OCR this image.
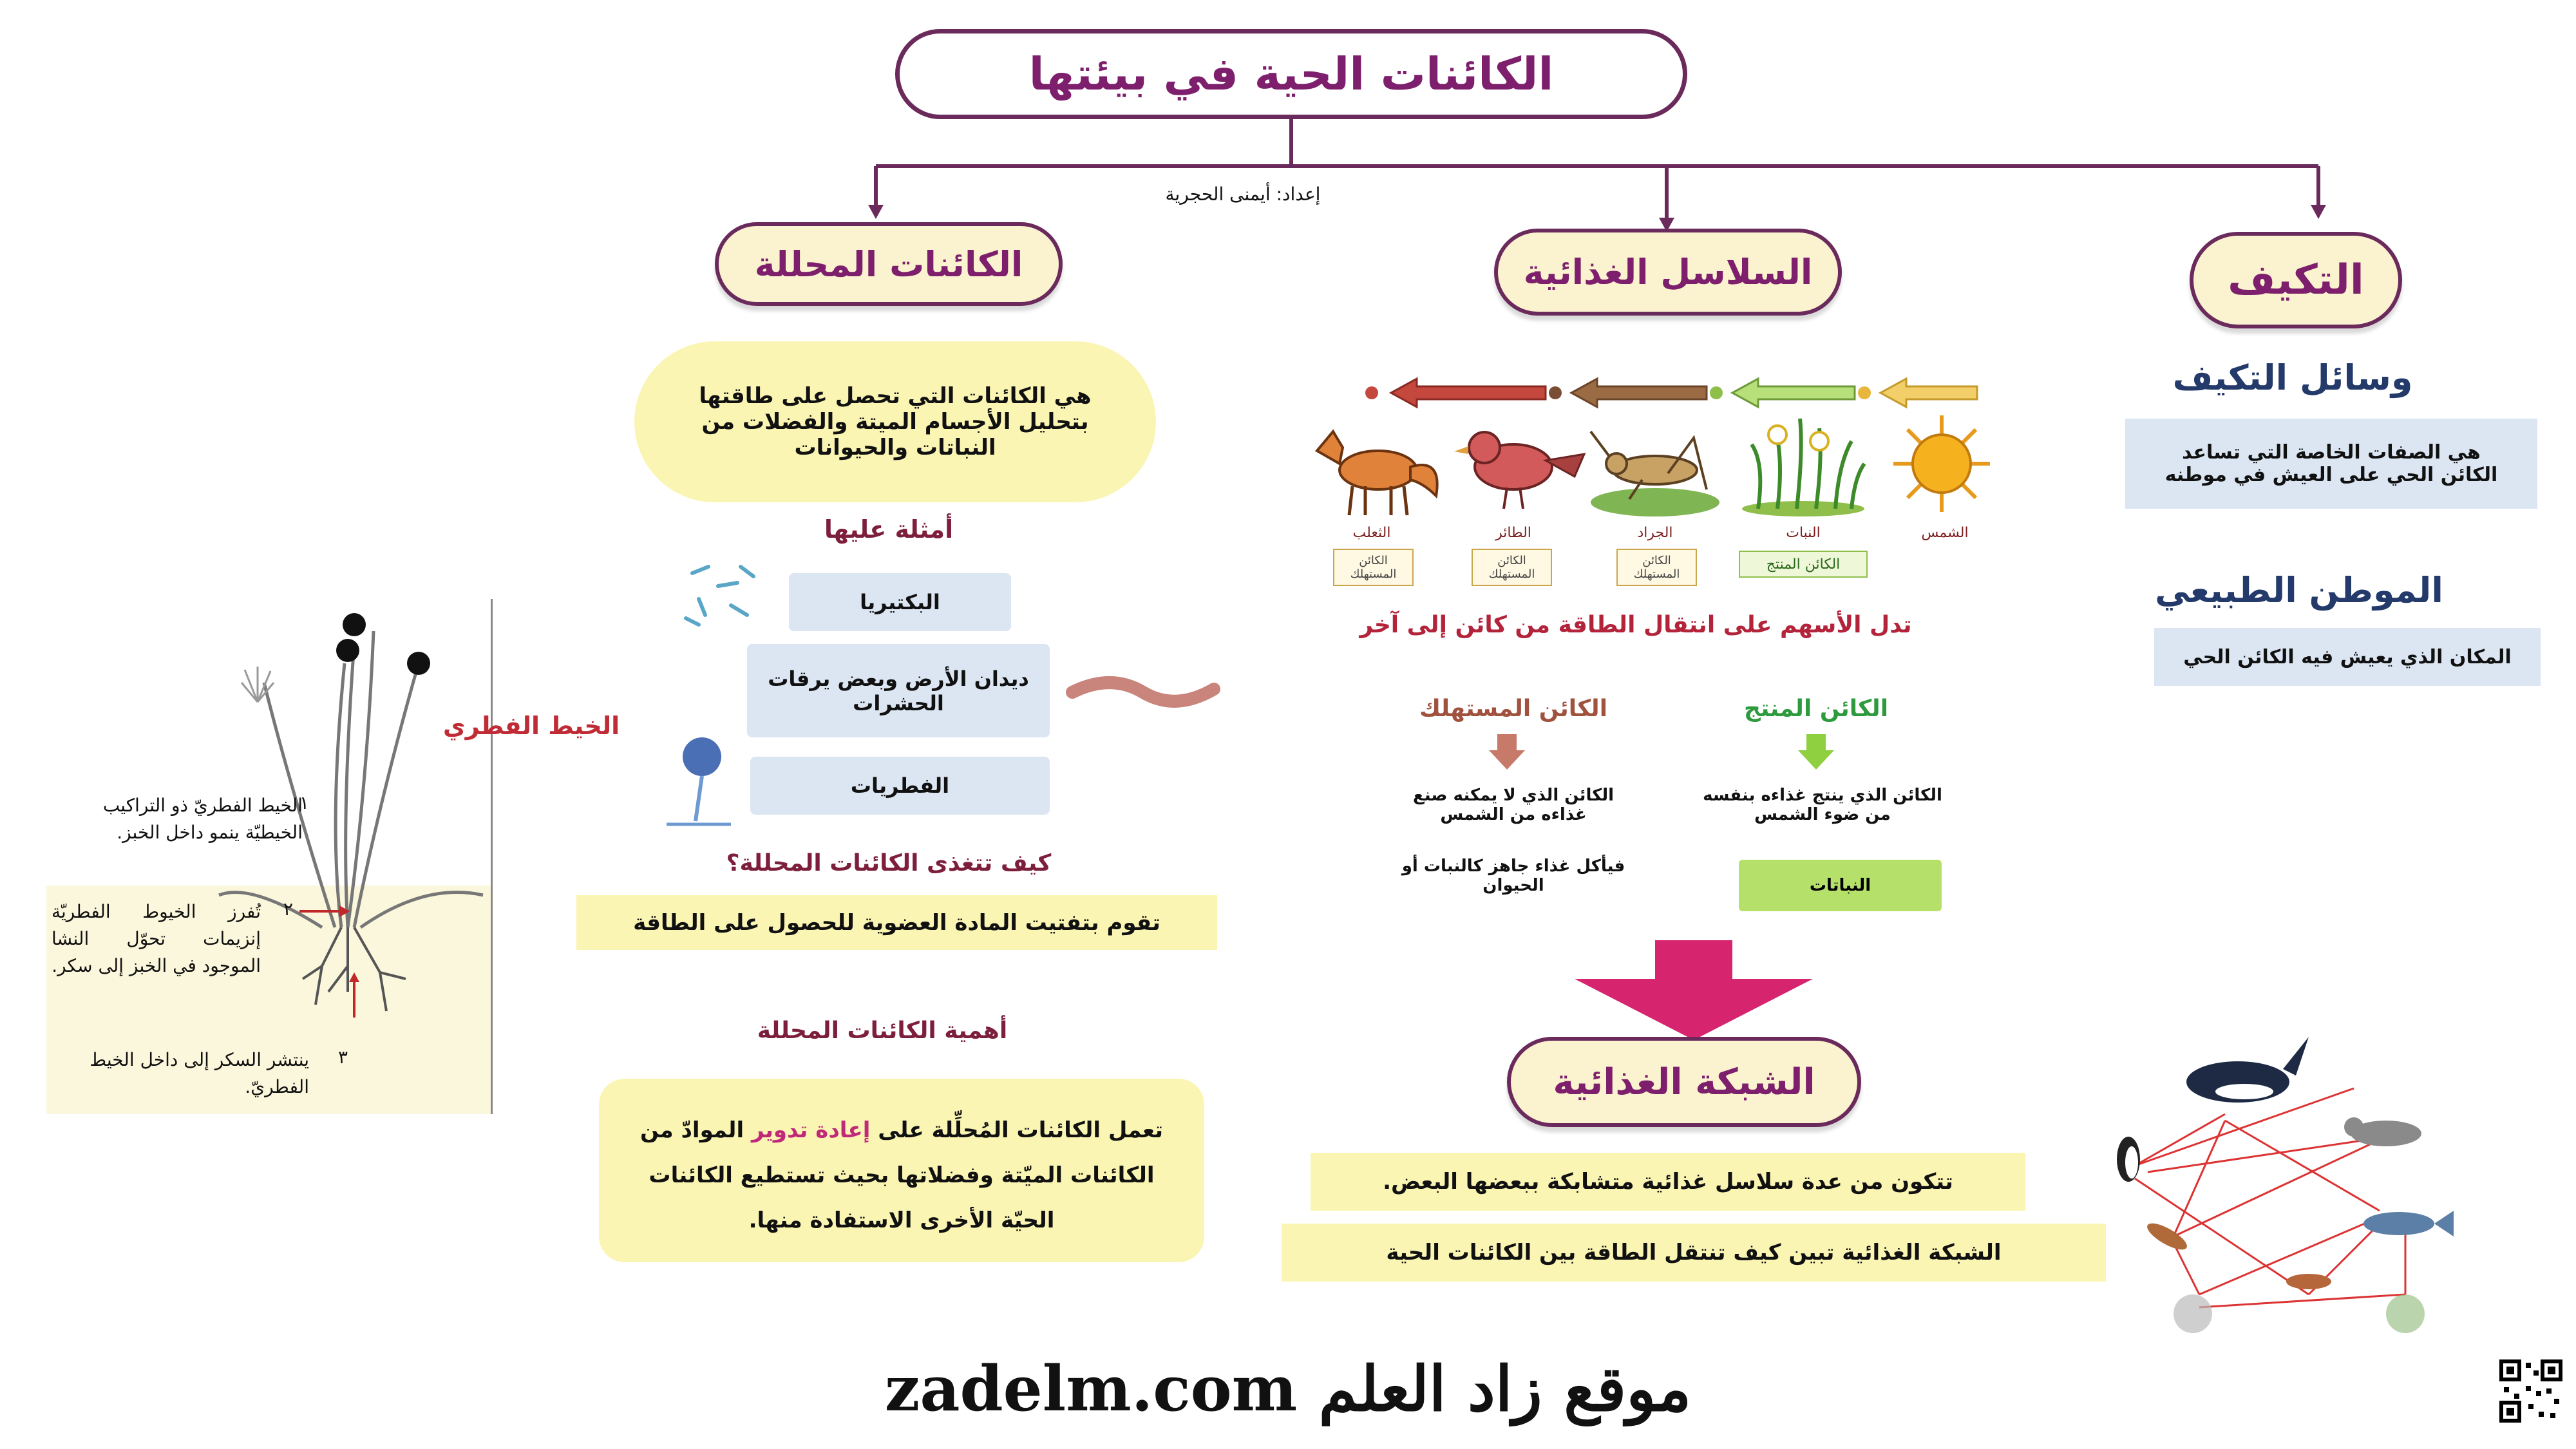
الكائنات الحية في بيئتها
إعداد: أيمنى الحجرية
التكيف
وسائل التكيف
هي الصفات الخاصة التي تساعد الكائن الحي على العيش في موطنه
الموطن الطبيعي
المكان الذي يعيش فيه الكائن الحي
السلاسل الغذائية
الشمس
النبات
الجراد
الطائر
الثعلب
الكائن المنتج
الكائن المستهلك
الكائن المستهلك
الكائن المستهلك
تدل الأسهم على انتقال الطاقة من كائن إلى آخر
الكائن المنتج
الكائن المستهلك
الكائن الذي ينتج غذاءه بنفسه من ضوء الشمس
الكائن الذي لا يمكنه صنع غذاءه من الشمس
النباتات
فيأكل غذاء جاهز كالنبات أو الحيوان
الشبكة الغذائية
تتكون من عدة سلاسل غذائية متشابكة ببعضها البعض.
الشبكة الغذائية تبين كيف تنتقل الطاقة بين الكائنات الحية
الكائنات المحللة
هي الكائنات التي تحصل على طاقتها بتحليل الأجسام الميتة والفضلات من النباتات والحيوانات
أمثلة عليها
البكتيريا
ديدان الأرض وبعض يرقات الحشرات
الفطريات
كيف تتغذى الكائنات المحللة؟
تقوم بتفتيت المادة العضوية للحصول على الطاقة
أهمية الكائنات المحللة
تعمل الكائنات المُحلِّلة على إعادة تدوير الموادّ من الكائنات الميّتة وفضلاتها بحيث تستطيع الكائنات الحيّة الأخرى الاستفادة منها.
الخيط الفطري
الخيط الفطريّ ذو التراكيب الخيطيّة ينمو داخل الخبز.
١
تُفرز الخيوط الفطريّة إنزيمات تحوّل النشا الموجود في الخبز إلى سكر.
٢
ينتشر السكر إلى داخل الخيط الفطريّ.
٣
موقع زاد العلم zadelm.com
